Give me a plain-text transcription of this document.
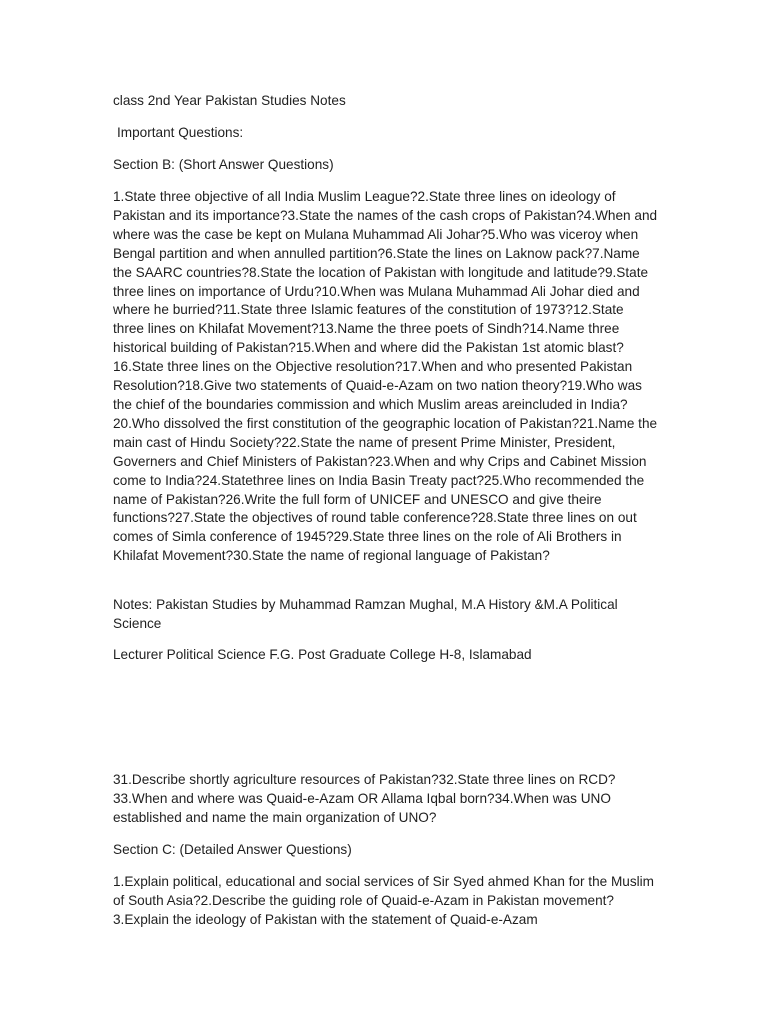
class 2nd Year Pakistan Studies Notes

Important Questions:

Section B: (Short Answer Questions)

1.State three objective of all India Muslim League?2.State three lines on ideology of Pakistan and its importance?3.State the names of the cash crops of Pakistan?4.When and where was the case be kept on Mulana Muhammad Ali Johar?5.Who was viceroy when Bengal partition and when annulled partition?6.State the lines on Laknow pack?7.Name the SAARC countries?8.State the location of Pakistan with longitude and latitude?9.State three lines on importance of Urdu?10.When was Mulana Muhammad Ali Johar died and where he burried?11.State three Islamic features of the constitution of 1973?12.State three lines on Khilafat Movement?13.Name the three poets of Sindh?14.Name three historical building of Pakistan?15.When and where did the Pakistan 1st atomic blast?16.State three lines on the Objective resolution?17.When and who presented Pakistan Resolution?18.Give two statements of Quaid-e-Azam on two nation theory?19.Who was the chief of the boundaries commission and which Muslim areas areincluded in India?20.Who dissolved the first constitution of the geographic location of Pakistan?21.Name the main cast of Hindu Society?22.State the name of present Prime Minister, President, Governers and Chief Ministers of Pakistan?23.When and why Crips and Cabinet Mission come to India?24.Statethree lines on India Basin Treaty pact?25.Who recommended the name of Pakistan?26.Write the full form of UNICEF and UNESCO and give theire functions?27.State the objectives of round table conference?28.State three lines on out comes of Simla conference of 1945?29.State three lines on the role of Ali Brothers in Khilafat Movement?30.State the name of regional language of Pakistan?

Notes: Pakistan Studies by Muhammad Ramzan Mughal, M.A History &M.A Political Science

Lecturer Political Science F.G. Post Graduate College H-8, Islamabad

31.Describe shortly agriculture resources of Pakistan?32.State three lines on RCD?33.When and where was Quaid-e-Azam OR Allama Iqbal born?34.When was UNO established and name the main organization of UNO?

Section C: (Detailed Answer Questions)

1.Explain political, educational and social services of Sir Syed ahmed Khan for the Muslim of South Asia?2.Describe the guiding role of Quaid-e-Azam in Pakistan movement?3.Explain the ideology of Pakistan with the statement of Quaid-e-Azam
